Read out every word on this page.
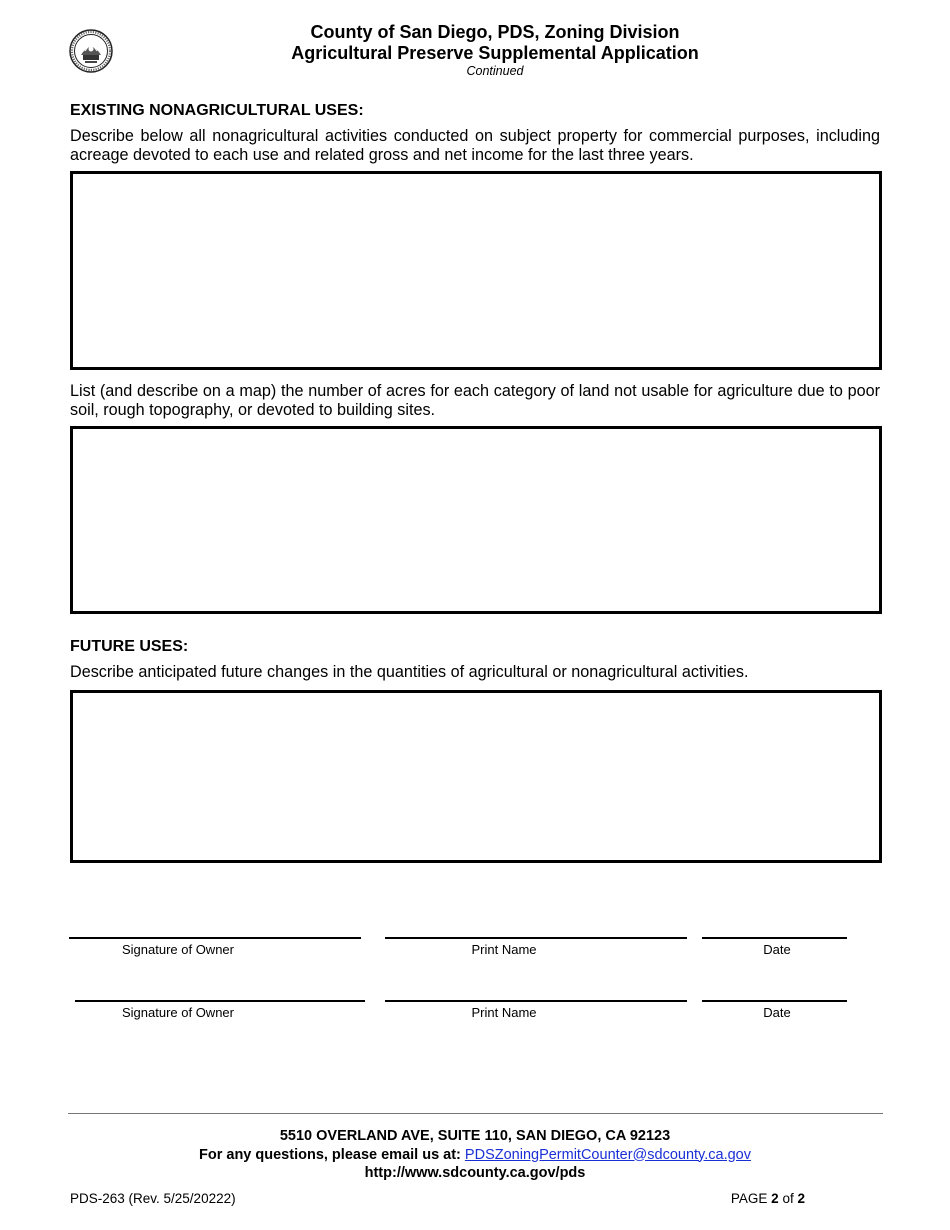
County of San Diego, PDS, Zoning Division
Agricultural Preserve Supplemental Application
Continued
EXISTING NONAGRICULTURAL USES:
Describe below all nonagricultural activities conducted on subject property for commercial purposes, including acreage devoted to each use and related gross and net income for the last three years.
List (and describe on a map) the number of acres for each category of land not usable for agriculture due to poor soil, rough topography, or devoted to building sites.
FUTURE USES:
Describe anticipated future changes in the quantities of agricultural or nonagricultural activities.
Signature of Owner	Print Name	Date
Signature of Owner	Print Name	Date
5510 OVERLAND AVE, SUITE 110, SAN DIEGO, CA 92123
For any questions, please email us at: PDSZoningPermitCounter@sdcounty.ca.gov
http://www.sdcounty.ca.gov/pds
PDS-263 (Rev. 5/25/20222)	PAGE 2 of 2
